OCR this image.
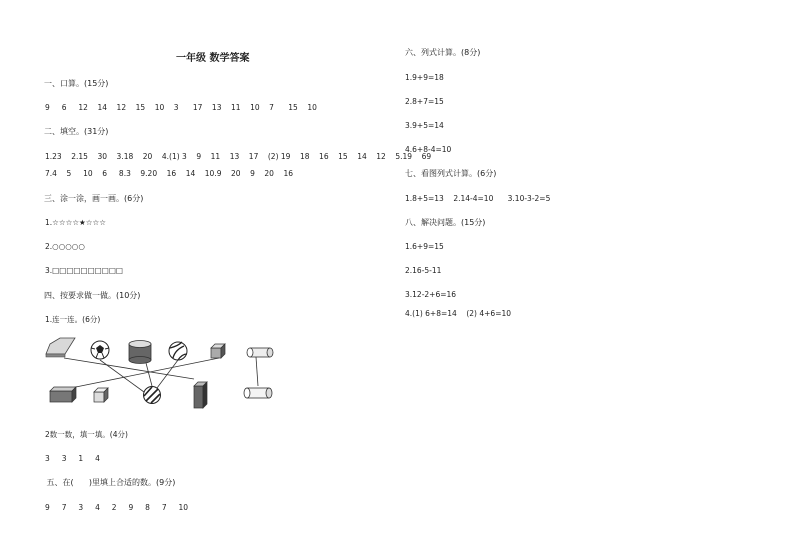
一年级 数学答案
一、口算。(15分)
9     6     12    14    12    15    10    3      17    13    11    10    7      15    10
二、填空。(31分)
1.23    2.15    30    3.18    20    4.(1) 3    9    11    13    17    (2) 19    18    16    15    14    12    5.19    69
7.4    5     10    6     8.3    9.20    16    14    10.9    20    9    20    16
三、涂一涂，画一画。(6分)
1.☆☆☆☆★☆☆☆
2.○○○○○
3.□□□□□□□□□□
四、按要求做一做。(10分)
1.连一连。(6分)
2数一数，填一填。(4分)
3     3     1     4
五、在(      )里填上合适的数。(9分)
9     7     3     4     2     9     8     7     10
六、列式计算。(8分)
1.9+9=18
2.8+7=15
3.9+5=14
4.6+8-4=10
七、看图列式计算。(6分)
1.8+5=13    2.14-4=10      3.10-3-2=5
八、解决问题。(15分)
1.6+9=15
2.16-5-11
3.12-2+6=16
4.(1) 6+8=14    (2) 4+6=10
